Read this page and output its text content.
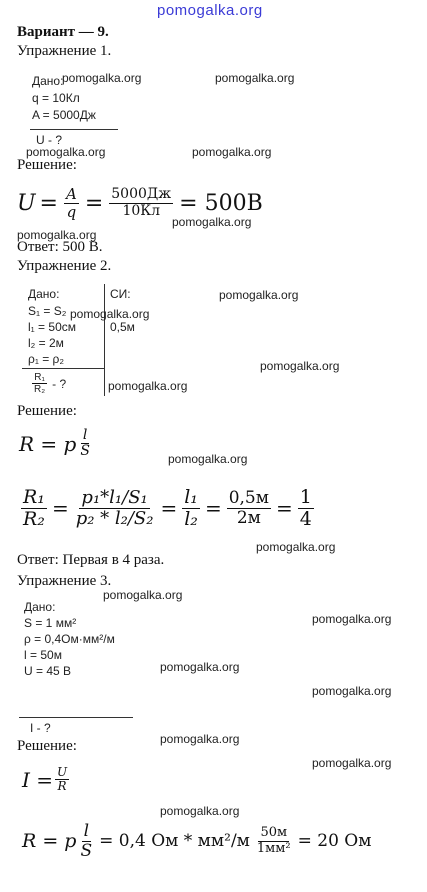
pomogalka.org
Вариант — 9.
Упражнение 1.
Дано:
pomogalka.org	pomogalka.org
q = 10Кл
A = 5000Дж
U - ?
pomogalka.org	pomogalka.org
Решение:
$U = \frac{A}{q} = \frac{5000Дж}{10Кл} = 500В$
pomogalka.org
pomogalka.org
Ответ: 500 В.
Упражнение 2.
Дано:	СИ:	pomogalka.org
S₁ = S₂ pomogalka.org
l₁ = 50см	0,5м
l₂ = 2м
ρ₁ = ρ₂	pomogalka.org
$\frac{\text{R₁}}{\text{R₂}}$ - ?	pomogalka.org
Решение:
R = p $\frac{l}{S}$	pomogalka.org
$\frac{\text{R₁}}{\text{R₂}} = \frac{\text{p₁*l₁/S₁}}{\text{p₂ * l₂/S₂}} = \frac{\text{l₁}}{\text{l₂}} = \frac{0,5м}{2м} = \frac{1}{4}$
pomogalka.org
Ответ: Первая в 4 раза.
Упражнение 3.
pomogalka.org
Дано:
S = 1 мм²	pomogalka.org
ρ = 0,4Ом·мм²/м
l = 50м
U = 45 В	pomogalka.org
pomogalka.org
I - ?
pomogalka.org
Решение:
pomogalka.org
$I = \frac{U}{R}$
pomogalka.org
R = p $\frac{l}{S} = 0,4$ Ом * $мм^2/м \frac{50м}{\text{1мм²}} = 20$ Ом
